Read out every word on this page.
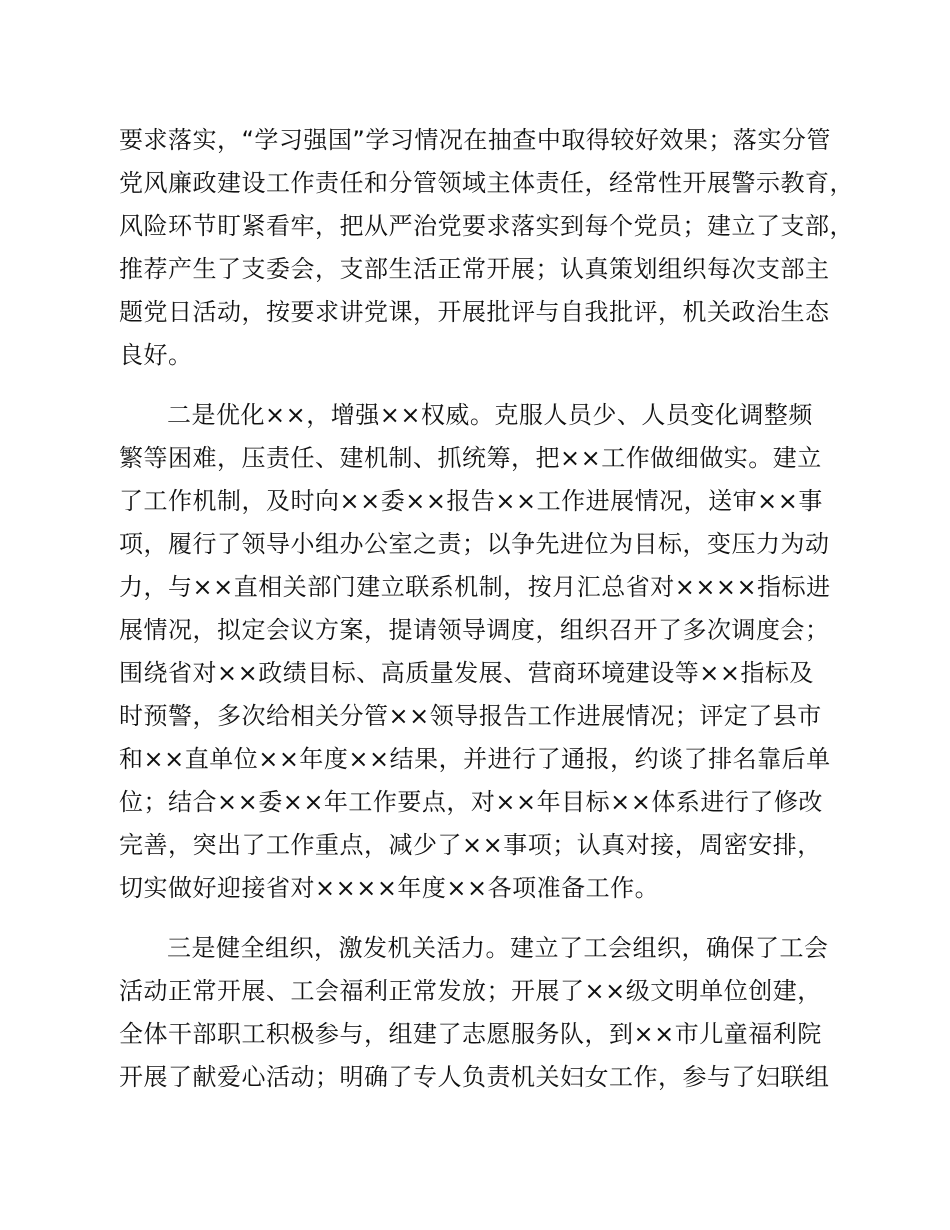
要求落实，“学习强国”学习情况在抽查中取得较好效果；落实分管
党风廉政建设工作责任和分管领域主体责任，经常性开展警示教育，
风险环节盯紧看牢，把从严治党要求落实到每个党员；建立了支部，
推荐产生了支委会，支部生活正常开展；认真策划组织每次支部主
题党日活动，按要求讲党课，开展批评与自我批评，机关政治生态
良好。
二是优化××，增强××权威。克服人员少、人员变化调整频
繁等困难，压责任、建机制、抓统筹，把××工作做细做实。建立
了工作机制，及时向××委××报告××工作进展情况，送审××事
项，履行了领导小组办公室之责；以争先进位为目标，变压力为动
力，与××直相关部门建立联系机制，按月汇总省对××××指标进
展情况，拟定会议方案，提请领导调度，组织召开了多次调度会；
围绕省对××政绩目标、高质量发展、营商环境建设等××指标及
时预警，多次给相关分管××领导报告工作进展情况；评定了县市
和××直单位××年度××结果，并进行了通报，约谈了排名靠后单
位；结合××委××年工作要点，对××年目标××体系进行了修改
完善，突出了工作重点，减少了××事项；认真对接，周密安排，
切实做好迎接省对××××年度××各项准备工作。
三是健全组织，激发机关活力。建立了工会组织，确保了工会
活动正常开展、工会福利正常发放；开展了××级文明单位创建，
全体干部职工积极参与，组建了志愿服务队，到××市儿童福利院
开展了献爱心活动；明确了专人负责机关妇女工作，参与了妇联组
